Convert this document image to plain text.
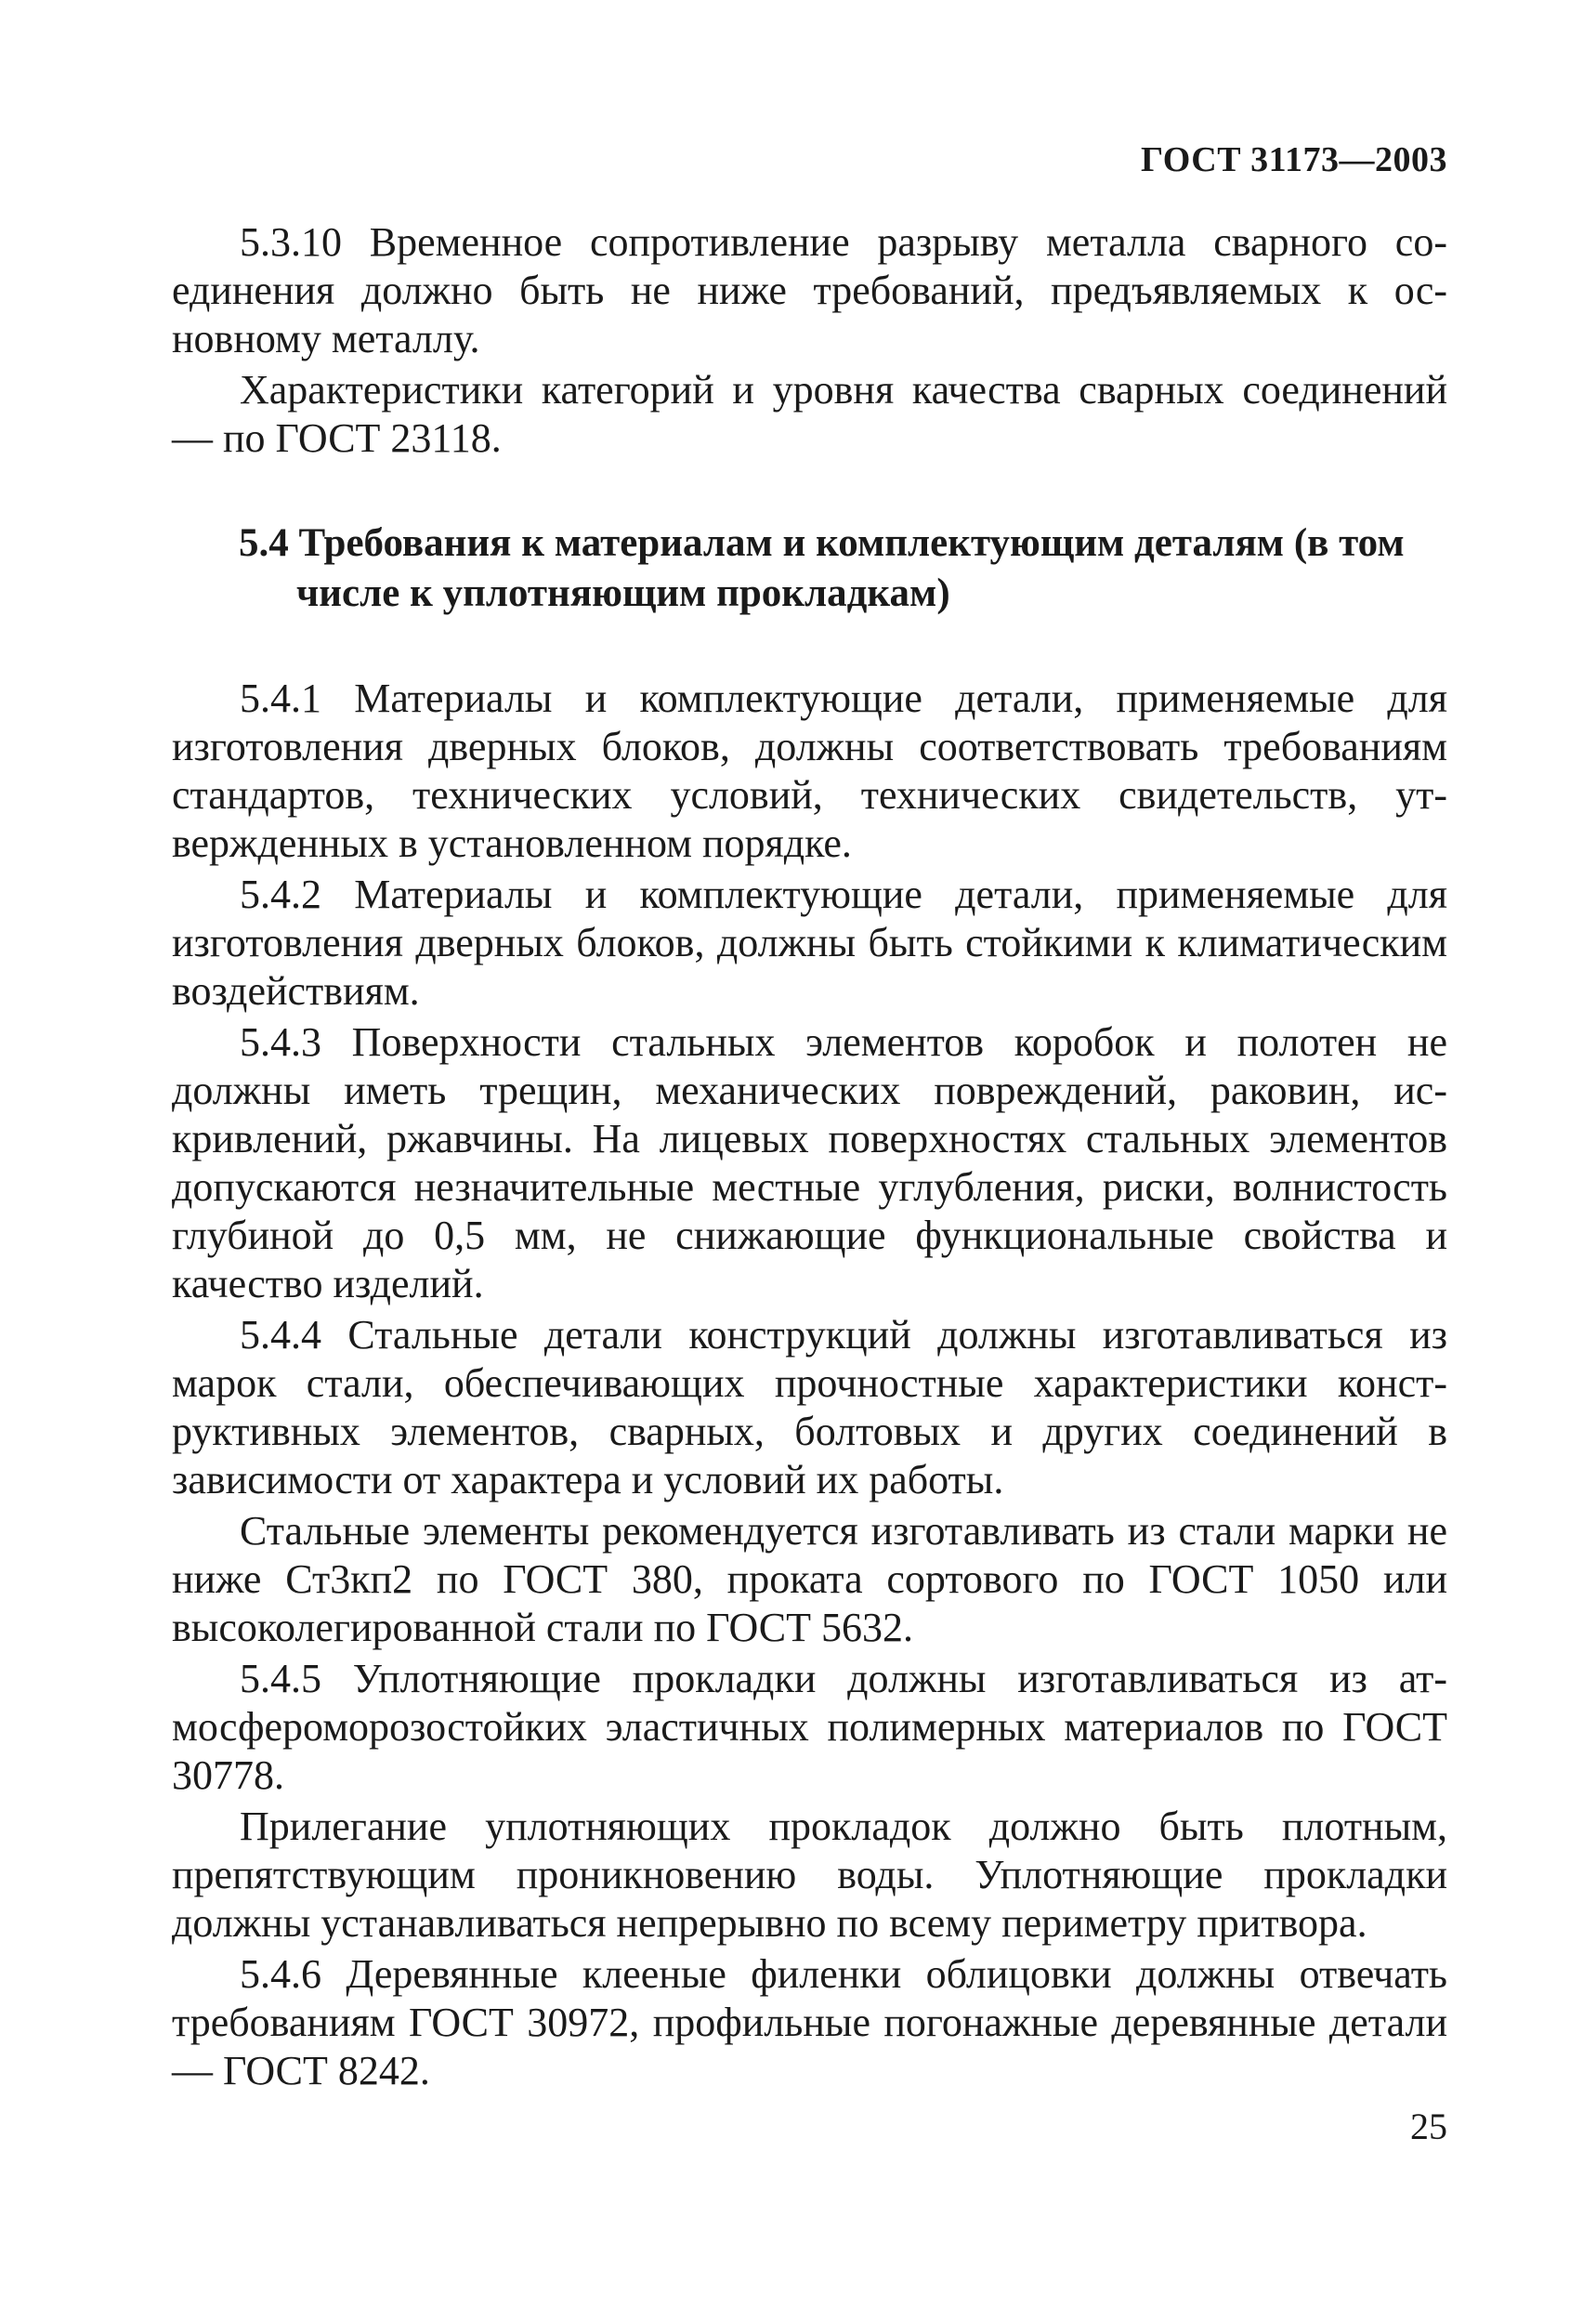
ГОСТ 31173—2003

5.3.10 Временное сопротивление разрыву металла сварного соединения должно быть не ниже требований, предъявляемых к основному металлу.

Характеристики категорий и уровня качества сварных соединений — по ГОСТ 23118.

5.4 Требования к материалам и комплектующим деталям (в том числе к уплотняющим прокладкам)

5.4.1 Материалы и комплектующие детали, применяемые для изготовления дверных блоков, должны соответствовать требованиям стандартов, технических условий, технических свидетельств, утвержденных в установленном порядке.

5.4.2 Материалы и комплектующие детали, применяемые для изготовления дверных блоков, должны быть стойкими к климатическим воздействиям.

5.4.3 Поверхности стальных элементов коробок и полотен не должны иметь трещин, механических повреждений, раковин, искривлений, ржавчины. На лицевых поверхностях стальных элементов допускаются незначительные местные углубления, риски, волнистость глубиной до 0,5 мм, не снижающие функциональные свойства и качество изделий.

5.4.4 Стальные детали конструкций должны изготавливаться из марок стали, обеспечивающих прочностные характеристики конструктивных элементов, сварных, болтовых и других соединений в зависимости от характера и условий их работы.

Стальные элементы рекомендуется изготавливать из стали марки не ниже Ст3кп2 по ГОСТ 380, проката сортового по ГОСТ 1050 или высоколегированной стали по ГОСТ 5632.

5.4.5 Уплотняющие прокладки должны изготавливаться из атмосфероморозостойких эластичных полимерных материалов по ГОСТ 30778.

Прилегание уплотняющих прокладок должно быть плотным, препятствующим проникновению воды. Уплотняющие прокладки должны устанавливаться непрерывно по всему периметру притвора.

5.4.6 Деревянные клееные филенки облицовки должны отвечать требованиям ГОСТ 30972, профильные погонажные деревянные детали — ГОСТ 8242.

25
